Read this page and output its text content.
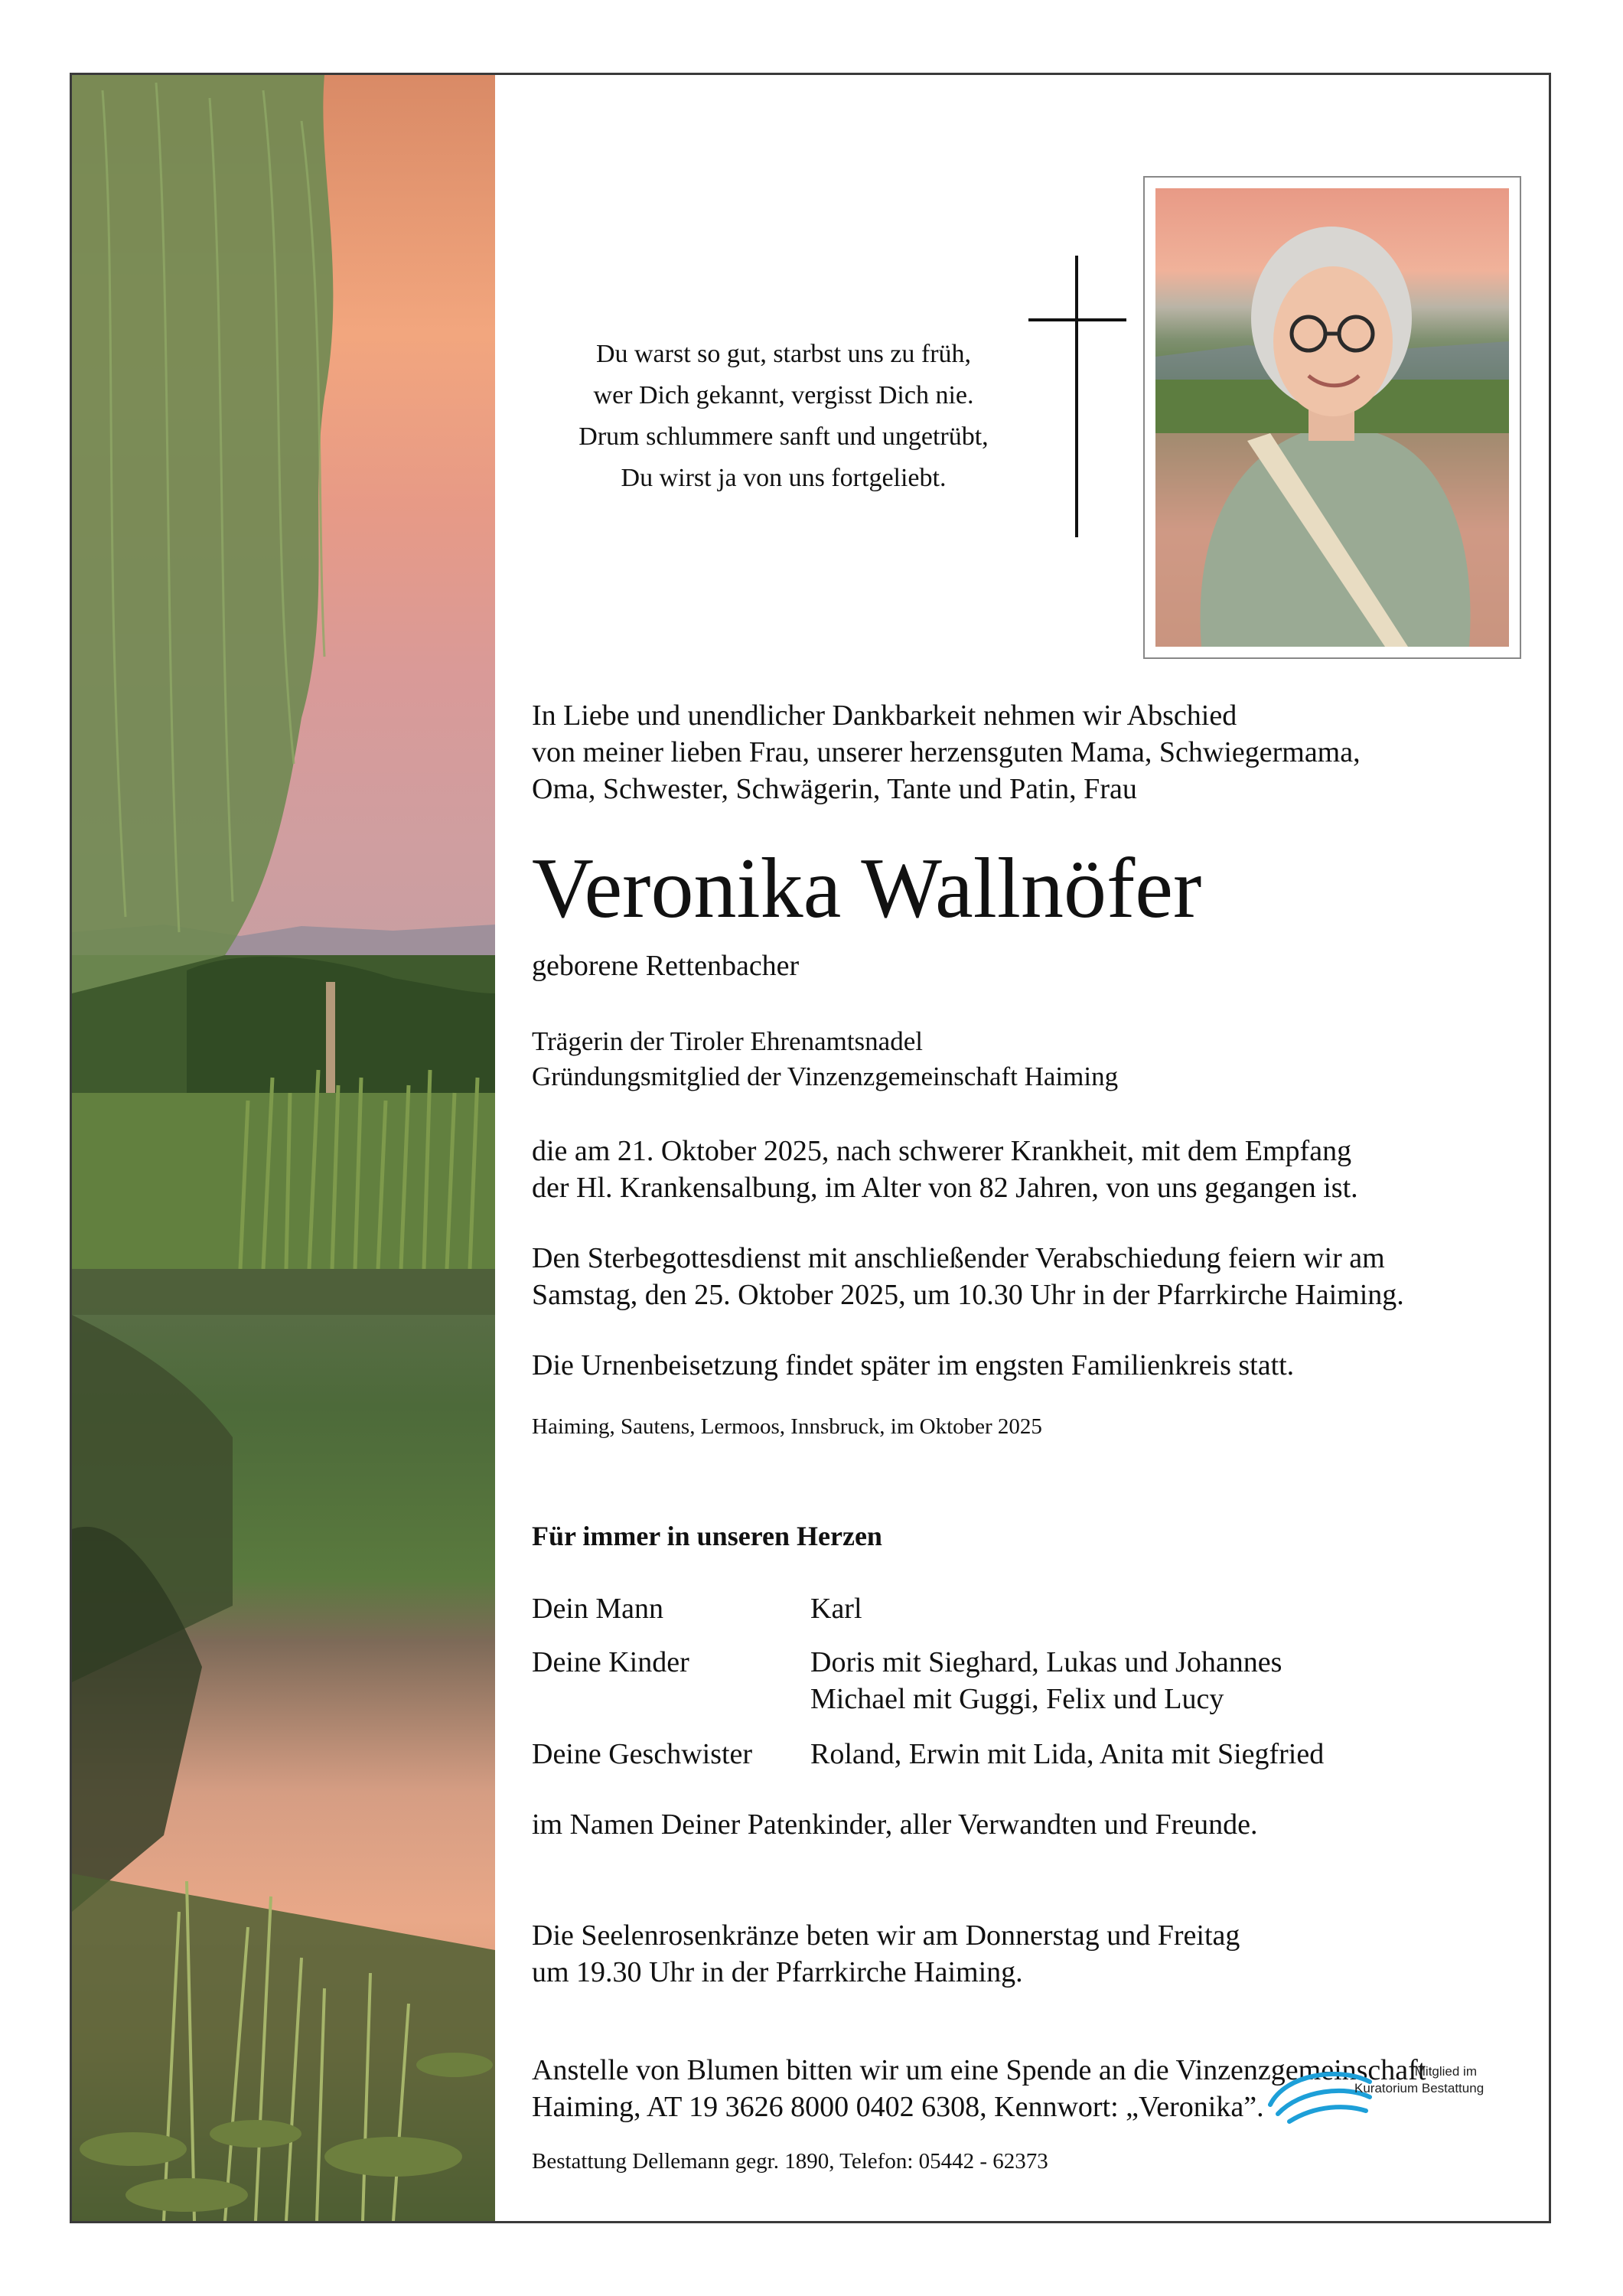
Du warst so gut, starbst uns zu früh,
wer Dich gekannt, vergisst Dich nie.
Drum schlummere sanft und ungetrübt,
Du wirst ja von uns fortgeliebt.
In Liebe und unendlicher Dankbarkeit nehmen wir Abschied
von meiner lieben Frau, unserer herzensguten Mama, Schwiegermama,
Oma, Schwester, Schwägerin, Tante und Patin, Frau
Veronika Wallnöfer
geborene Rettenbacher
Trägerin der Tiroler Ehrenamtsnadel
Gründungsmitglied der Vinzenzgemeinschaft Haiming
die am 21. Oktober 2025, nach schwerer Krankheit, mit dem Empfang
der Hl. Krankensalbung, im Alter von 82 Jahren, von uns gegangen ist.
Den Sterbegottesdienst mit anschließender Verabschiedung feiern wir am
Samstag, den 25. Oktober 2025, um 10.30 Uhr in der Pfarrkirche Haiming.
Die Urnenbeisetzung findet später im engsten Familienkreis statt.
Haiming, Sautens, Lermoos, Innsbruck, im Oktober 2025
Für immer in unseren Herzen
Dein Mann	Karl
Deine Kinder	Doris mit Sieghard, Lukas und Johannes
Michael mit Guggi, Felix und Lucy
Deine Geschwister Roland, Erwin mit Lida, Anita mit Siegfried
im Namen Deiner Patenkinder, aller Verwandten und Freunde.
Die Seelenrosenkränze beten wir am Donnerstag und Freitag
um 19.30 Uhr in der Pfarrkirche Haiming.
Anstelle von Blumen bitten wir um eine Spende an die Vinzenzgemeinschaft
Haiming, AT 19 3626 8000 0402 6308, Kennwort: „Veronika”.
Bestattung Dellemann gegr. 1890, Telefon: 05442 - 62373
Mitglied im
Kuratorium Bestattung
